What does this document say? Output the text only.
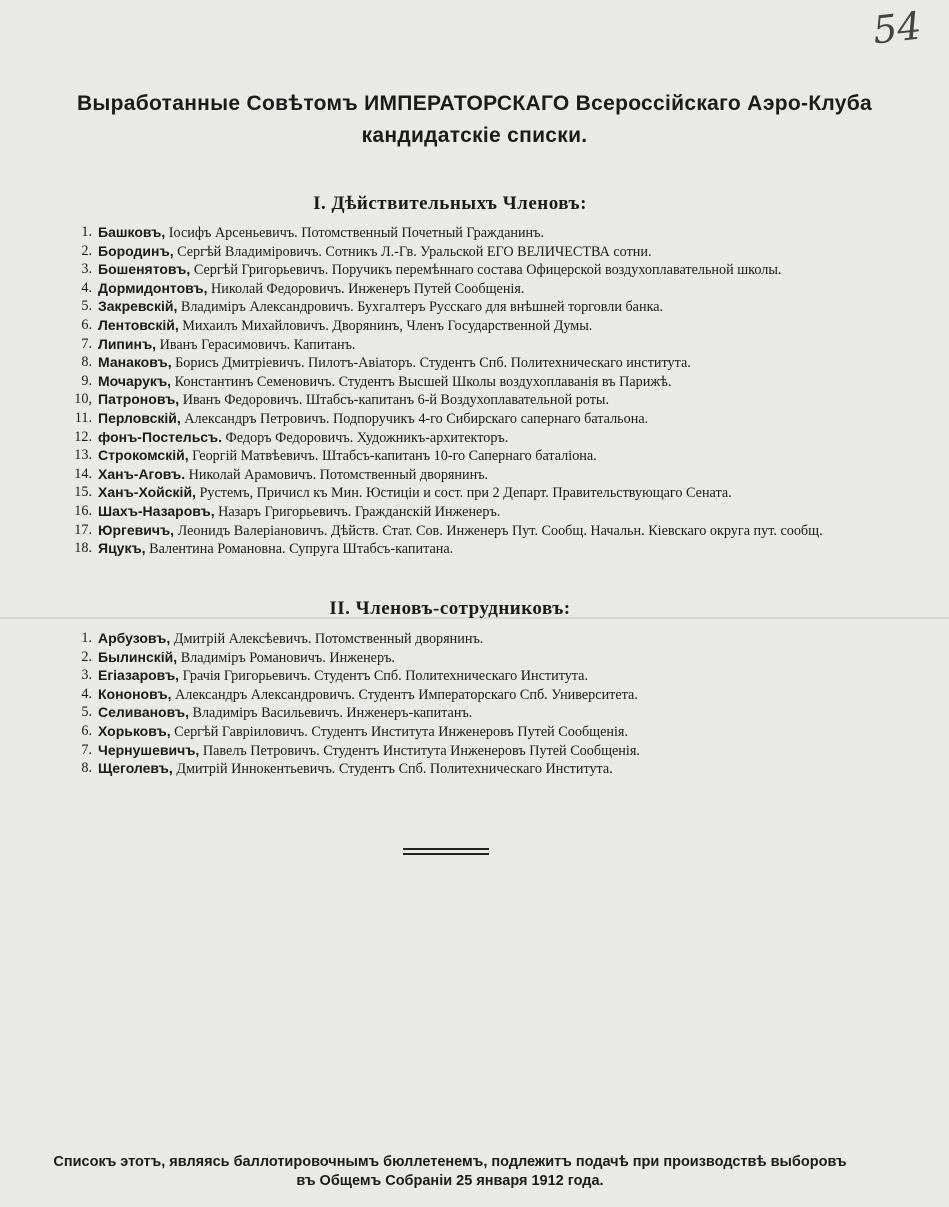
54
Выработанные Совѣтомъ ИМПЕРАТОРСКАГО Всероссійскаго Аэро-Клуба
кандидатскіе списки.
I. Дѣйствительныхъ Членовъ:
1. Башковъ, Іосифъ Арсеньевичъ. Потомственный Почетный Гражданинъ.
2. Бородинъ, Сергѣй Владиміровичъ. Сотникъ Л.-Гв. Уральской ЕГО ВЕЛИЧЕСТВА сотни.
3. Бошенятовъ, Сергѣй Григорьевичъ. Поручикъ перемѣннаго состава Офицерской воздухоплавательной школы.
4. Дормидонтовъ, Николай Федоровичъ. Инженеръ Путей Сообщенія.
5. Закревскій, Владиміръ Александровичъ. Бухгалтеръ Русскаго для внѣшней торговли банка.
6. Лентовскій, Михаилъ Михайловичъ. Дворянинъ, Членъ Государственной Думы.
7. Липинъ, Иванъ Герасимовичъ. Капитанъ.
8. Манаковъ, Борисъ Дмитріевичъ. Пилотъ-Авіаторъ. Студентъ Спб. Политехническаго института.
9. Мочарукъ, Константинъ Семеновичъ. Студентъ Высшей Школы воздухоплаванія въ Парижѣ.
10, Патроновъ, Иванъ Федоровичъ. Штабсъ-капитанъ 6-й Воздухоплавательной роты.
11. Перловскій, Александръ Петровичъ. Подпоручикъ 4-го Сибирскаго сапернаго батальона.
12. фонъ-Постельсъ. Федоръ Федоровичъ. Художникъ-архитекторъ.
13. Строкомскій, Георгій Матвѣевичъ. Штабсъ-капитанъ 10-го Сапернаго баталіона.
14. Ханъ-Аговъ. Николай Арамовичъ. Потомственный дворянинъ.
15. Ханъ-Хойскій, Рустемъ, Причисл къ Мин. Юстиціи и сост. при 2 Департ. Правительствующаго Сената.
16. Шахъ-Назаровъ, Назаръ Григорьевичъ. Гражданскій Инженеръ.
17. Юргевичъ, Леонидъ Валеріановичъ. Дѣйств. Стат. Сов. Инженеръ Пут. Сообщ. Начальн. Кіевскаго округа пут. сообщ.
18. Яцукъ, Валентина Романовна. Супруга Штабсъ-капитана.
II. Членовъ-сотрудниковъ:
1. Арбузовъ, Дмитрій Алексѣевичъ. Потомственный дворянинъ.
2. Былинскій, Владиміръ Романовичъ. Инженеръ.
3. Егіазаровъ, Грачія Григорьевичъ. Студентъ Спб. Политехническаго Института.
4. Кононовъ, Александръ Александровичъ. Студентъ Императорскаго Спб. Университета.
5. Селивановъ, Владиміръ Васильевичъ. Инженеръ-капитанъ.
6. Хорьковъ, Сергѣй Гавріиловичъ. Студентъ Института Инженеровъ Путей Сообщенія.
7. Чернушевичъ, Павелъ Петровичъ. Студентъ Института Инженеровъ Путей Сообщенія.
8. Щеголевъ, Дмитрій Иннокентьевичъ. Студентъ Спб. Политехническаго Института.
Списокъ этотъ, являясь баллотировочнымъ бюллетенемъ, подлежитъ подачѣ при производствѣ выборовъ
въ Общемъ Собраніи 25 января 1912 года.
